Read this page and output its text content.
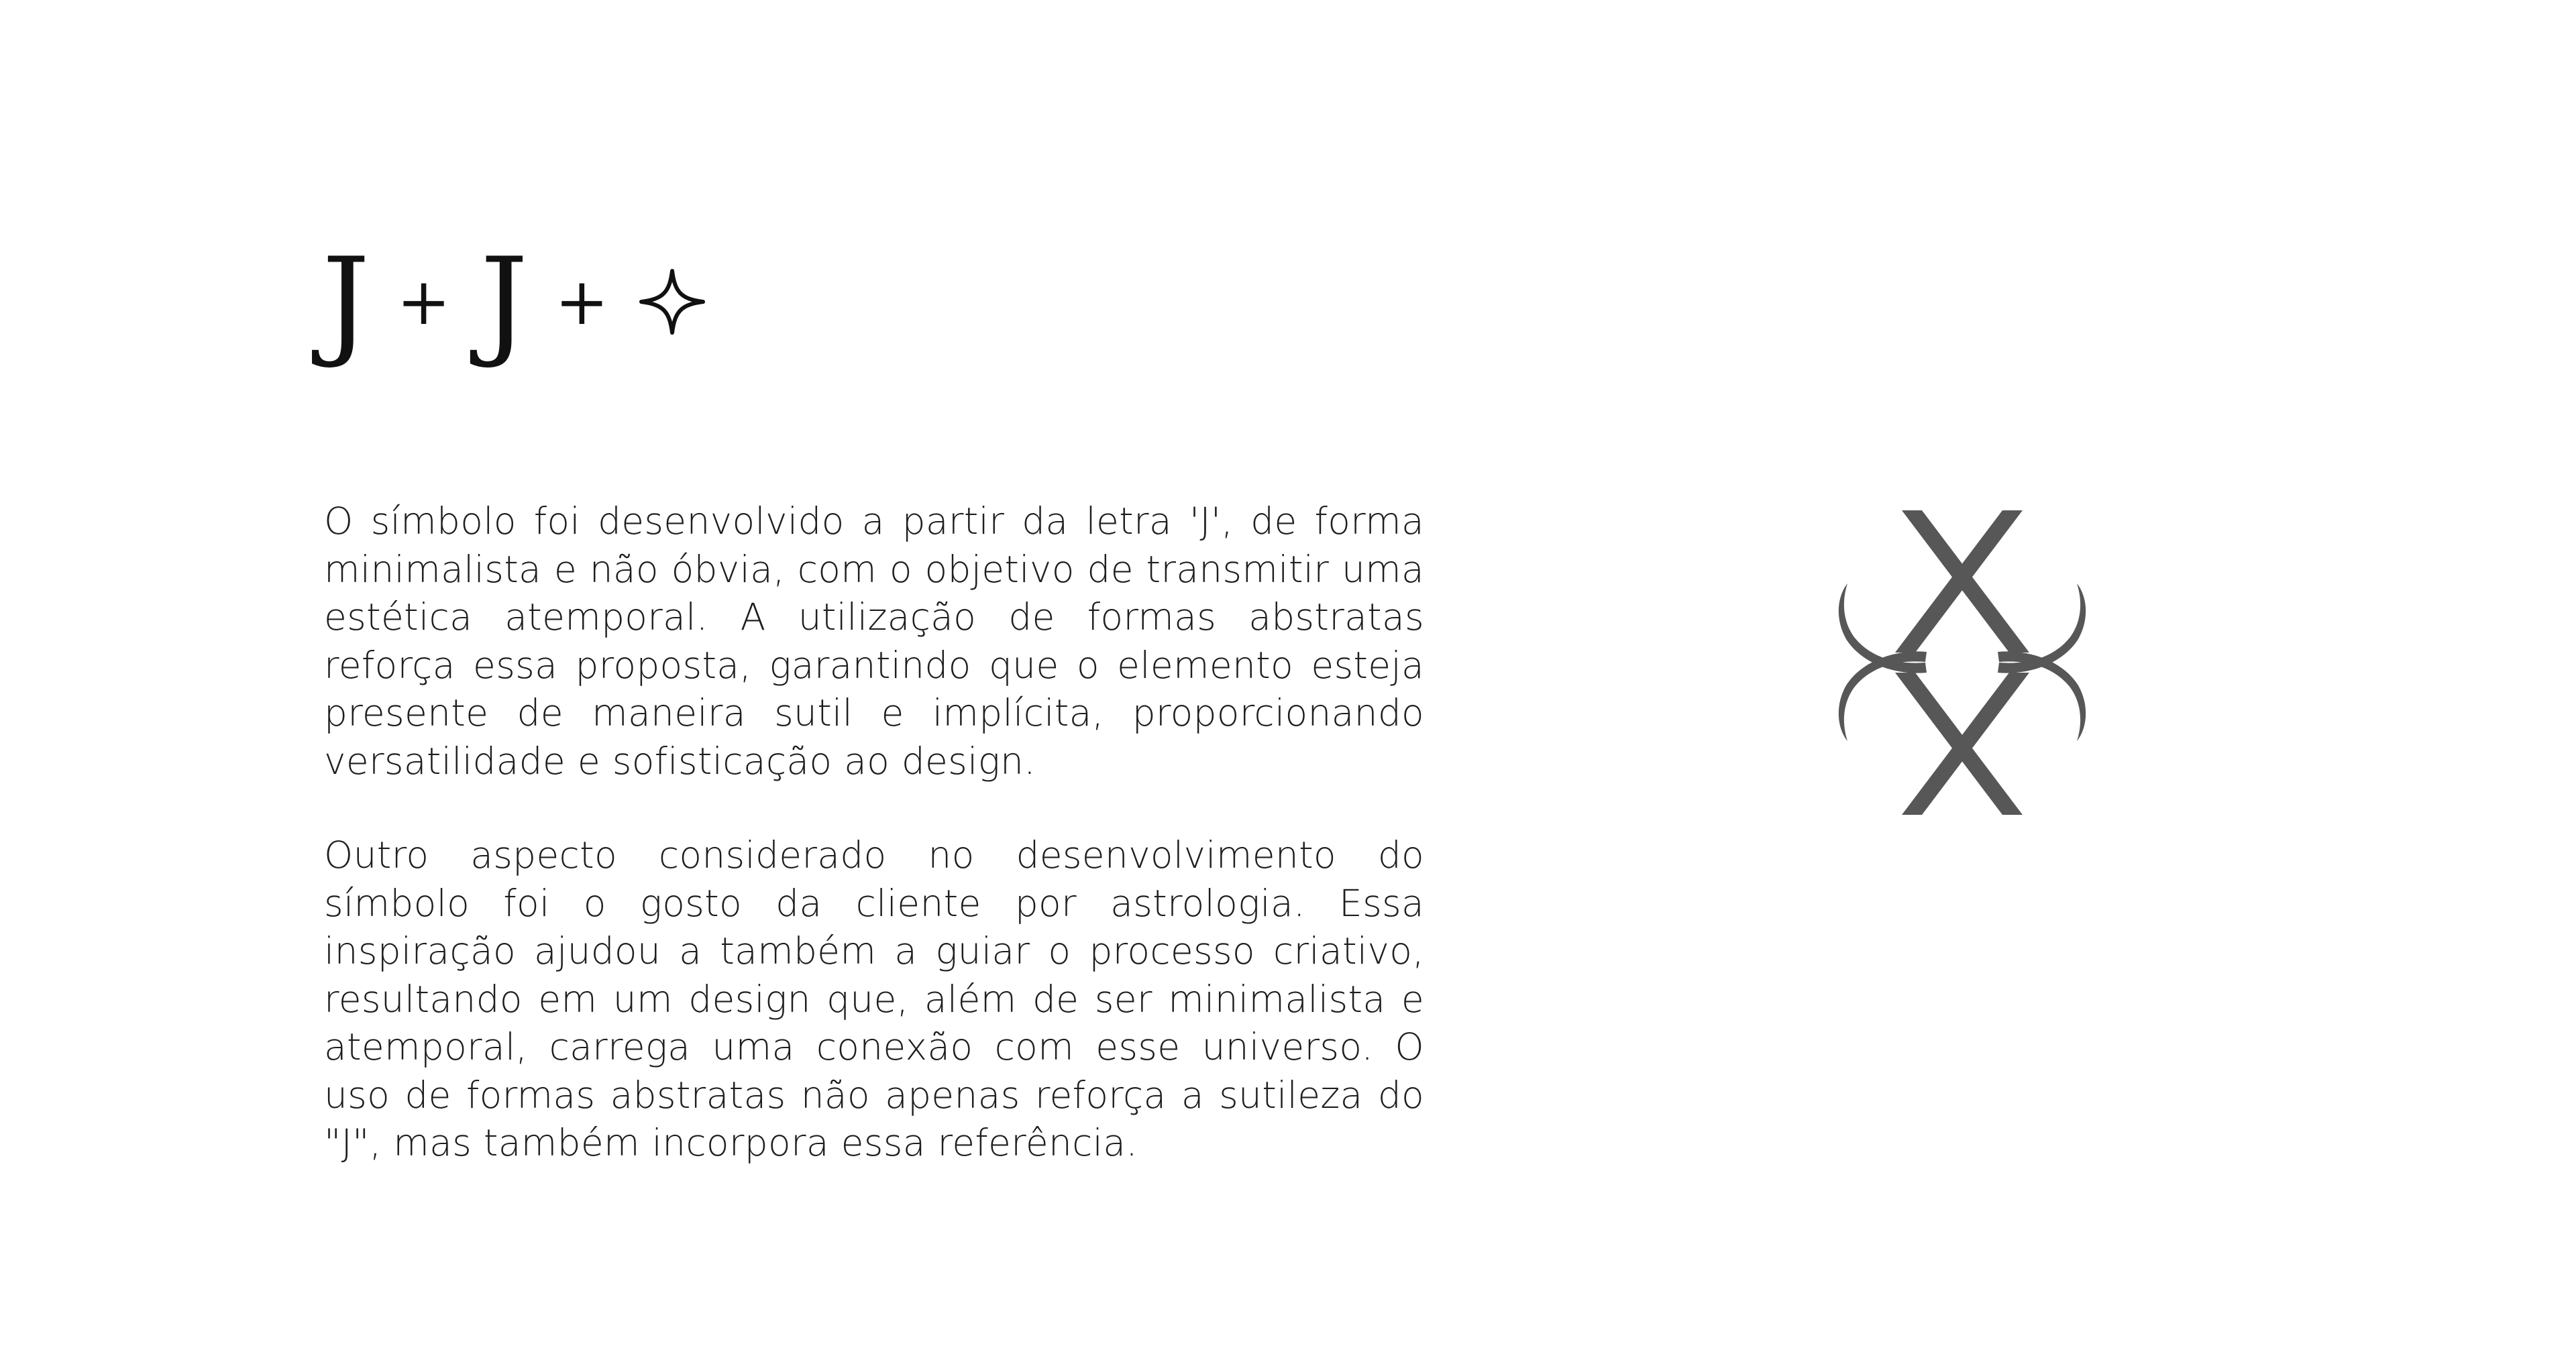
J + J +

O símbolo foi desenvolvido a partir da letra 'J', de forma minimalista e não óbvia, com o objetivo de transmitir uma estética atemporal. A utilização de formas abstratas reforça essa proposta, garantindo que o elemento esteja presente de maneira sutil e implícita, proporcionando versatilidade e sofisticação ao design.

Outro aspecto considerado no desenvolvimento do símbolo foi o gosto da cliente por astrologia. Essa inspiração ajudou a também a guiar o processo criativo, resultando em um design que, além de ser minimalista e atemporal, carrega uma conexão com esse universo. O uso de formas abstratas não apenas reforça a sutileza do "J", mas também incorpora essa referência.
